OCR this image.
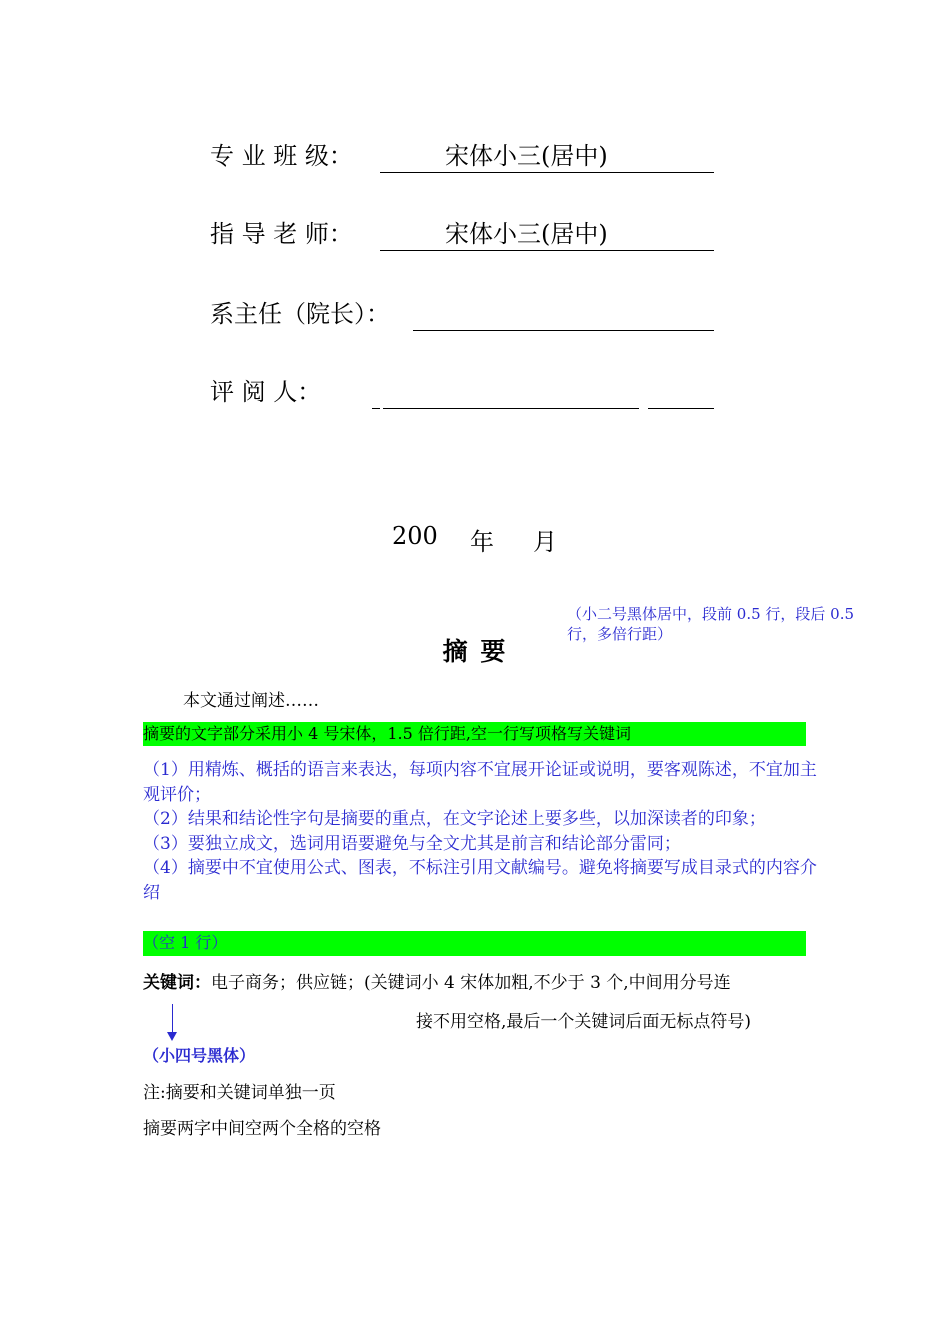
专 业 班 级：	宋体小三(居中)
指 导 老 师：	宋体小三(居中)
系主任（院长）：
评 阅 人：
200 年 月
（小二号黑体居中，段前 0.5 行，段后 0.5 行，多倍行距）
摘 要
本文通过阐述……
摘要的文字部分采用小 4 号宋体，1.5 倍行距,空一行写项格写关键词

（1）用精炼、概括的语言来表达，每项内容不宜展开论证或说明，要客观陈述，不宜加主观评价；

（2）结果和结论性字句是摘要的重点，在文字论述上要多些，以加深读者的印象；

（3）要独立成文，选词用语要避免与全文尤其是前言和结论部分雷同；

（4）摘要中不宜使用公式、图表，不标注引用文献编号。避免将摘要写成目录式的内容介绍

（空 1 行）
关键词：电子商务；供应链；(关键词小 4 宋体加粗,不少于 3 个,中间用分号连
接不用空格,最后一个关键词后面无标点符号)
（小四号黑体）
注:摘要和关键词单独一页
摘要两字中间空两个全格的空格
